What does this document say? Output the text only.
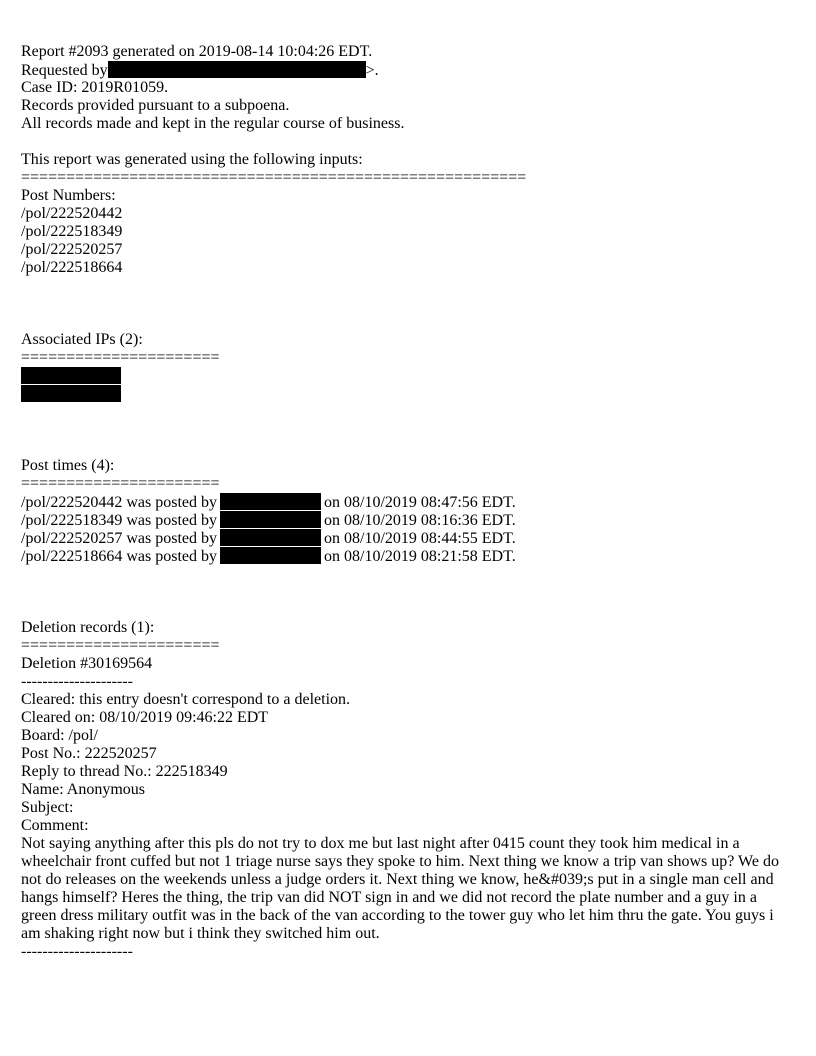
Report #2093 generated on 2019-08-14 10:04:26 EDT.
Requested by	>.
Case ID: 2019R01059.
Records provided pursuant to a subpoena.
All records made and kept in the regular course of business.
This report was generated using the following inputs:
========================================================
Post Numbers:
/pol/222520442
/pol/222518349
/pol/222520257
/pol/222518664
Associated IPs (2):
======================
Post times (4):
======================
/pol/222520442 was posted by	on 08/10/2019 08:47:56 EDT.
/pol/222518349 was posted by	on 08/10/2019 08:16:36 EDT.
/pol/222520257 was posted by	on 08/10/2019 08:44:55 EDT.
/pol/222518664 was posted by	on 08/10/2019 08:21:58 EDT.
Deletion records (1):
======================
Deletion #30169564
---------------------
Cleared: this entry doesn't correspond to a deletion.
Cleared on: 08/10/2019 09:46:22 EDT
Board: /pol/
Post No.: 222520257
Reply to thread No.: 222518349
Name: Anonymous
Subject:
Comment:
Not saying anything after this pls do not try to dox me but last night after 0415 count they took him medical in a wheelchair front cuffed but not 1 triage nurse says they spoke to him. Next thing we know a trip van shows up? We do not do releases on the weekends unless a judge orders it. Next thing we know, he&#039;s put in a single man cell and hangs himself? Heres the thing, the trip van did NOT sign in and we did not record the plate number and a guy in a green dress military outfit was in the back of the van according to the tower guy who let him thru the gate. You guys i am shaking right now but i think they switched him out.
---------------------
